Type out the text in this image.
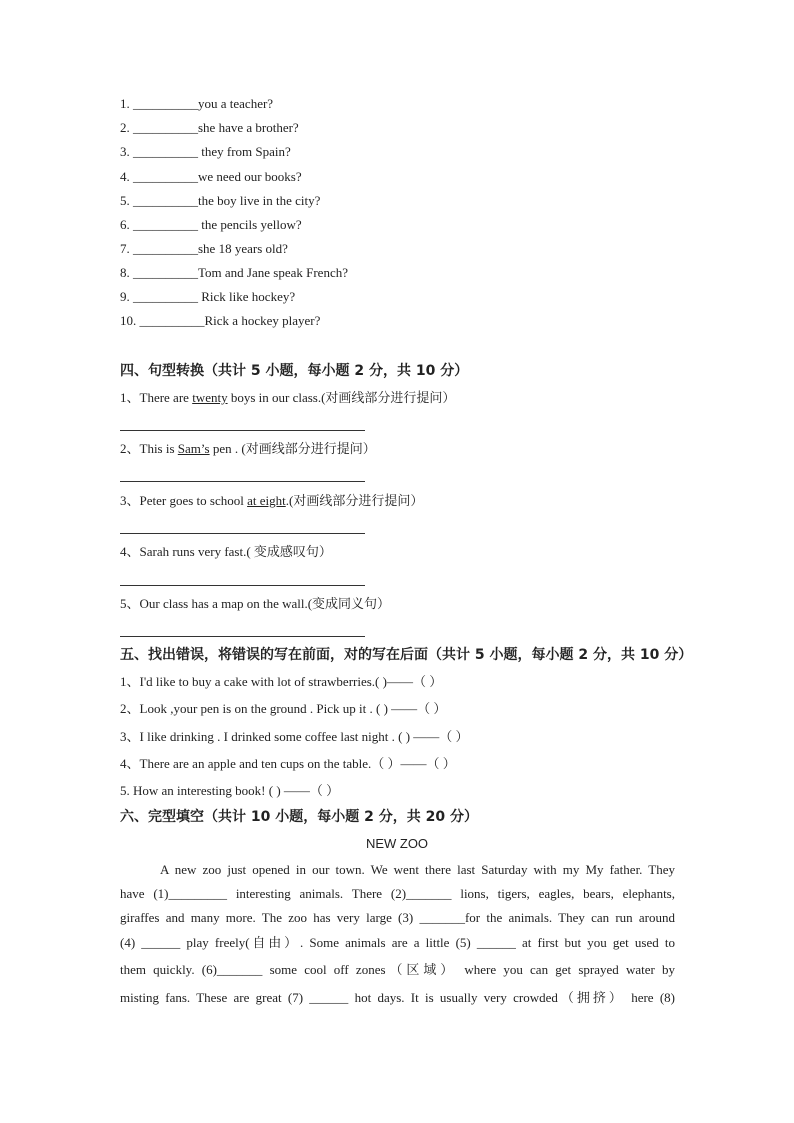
1. __________you a teacher?
2. __________she have a brother?
3. __________ they from Spain?
4. __________we need our books?
5. __________the boy live in the city?
6. __________ the pencils yellow?
7. __________she 18 years old?
8. __________Tom and Jane speak French?
9. __________ Rick like hockey?
10. __________Rick a hockey player?
四、句型转换（共计 5 小题，每小题 2 分，共 10 分）
1、There are twenty boys in our class.(对画线部分进行提问）
2、This is Sam’s pen . (对画线部分进行提问）
3、Peter goes to school at eight.(对画线部分进行提问）
4、Sarah runs very fast.( 变成感叹句）
5、Our class has a map on the wall.(变成同义句）
五、找出错误，将错误的写在前面，对的写在后面（共计 5 小题，每小题 2 分，共 10 分）
1、I'd like to buy a cake with lot of strawberries.( )——（ ）
2、Look ,your pen is on the ground . Pick up it . ( ) ——（ ）
3、I like drinking . I drinked some coffee last night . ( ) ——（ ）
4、There are an apple and ten cups on the table.（ ）——（ ）
5. How an interesting book! ( ) ——（ ）
六、完型填空（共计 10 小题，每小题 2 分，共 20 分）
NEW ZOO
A new zoo just opened in our town. We went there last Saturday with my My father. They
have (1)_________ interesting animals. There (2)_______ lions, tigers, eagles, bears, elephants,
giraffes and many more. The zoo has very large (3) _______for the animals. They can run around
(4) ______ play freely(自由）. Some animals are a little (5) ______ at first but you get used to
them quickly. (6)_______ some cool off zones（区域） where you can get sprayed water by
misting fans. These are great (7) ______ hot days. It is usually very crowded（拥挤） here (8)
